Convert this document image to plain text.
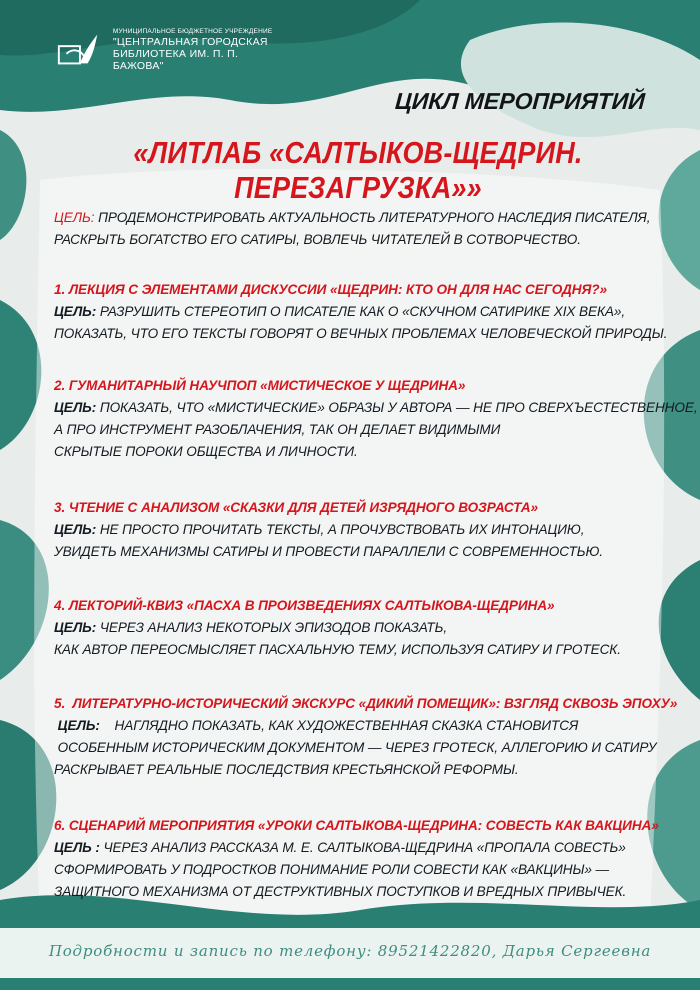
МУНИЦИПАЛЬНОЕ БЮДЖЕТНОЕ УЧРЕЖДЕНИЕ
"ЦЕНТРАЛЬНАЯ ГОРОДСКАЯ
БИБЛИОТЕКА ИМ. П. П. БАЖОВА"
ЦИКЛ МЕРОПРИЯТИЙ
«ЛИТЛАБ «САЛТЫКОВ-ЩЕДРИН. ПЕРЕЗАГРУЗКА»»

ЦЕЛЬ: ПРОДЕМОНСТРИРОВАТЬ АКТУАЛЬНОСТЬ ЛИТЕРАТУРНОГО НАСЛЕДИЯ ПИСАТЕЛЯ,

РАСКРЫТЬ БОГАТСТВО ЕГО САТИРЫ, ВОВЛЕЧЬ ЧИТАТЕЛЕЙ В СОТВОРЧЕСТВО.

1. ЛЕКЦИЯ С ЭЛЕМЕНТАМИ ДИСКУССИИ «ЩЕДРИН: КТО ОН ДЛЯ НАС СЕГОДНЯ?»

ЦЕЛЬ: РАЗРУШИТЬ СТЕРЕОТИП О ПИСАТЕЛЕ КАК О «СКУЧНОМ САТИРИКЕ XIX ВЕКА»,

ПОКАЗАТЬ, ЧТО ЕГО ТЕКСТЫ ГОВОРЯТ О ВЕЧНЫХ ПРОБЛЕМАХ ЧЕЛОВЕЧЕСКОЙ ПРИРОДЫ.

2. ГУМАНИТАРНЫЙ НАУЧПОП «МИСТИЧЕСКОЕ У ЩЕДРИНА»

ЦЕЛЬ: ПОКАЗАТЬ, ЧТО «МИСТИЧЕСКИЕ» ОБРАЗЫ У АВТОРА — НЕ ПРО СВЕРХЪЕСТЕСТВЕННОЕ,

А ПРО ИНСТРУМЕНТ РАЗОБЛАЧЕНИЯ, ТАК ОН ДЕЛАЕТ ВИДИМЫМИ

СКРЫТЫЕ ПОРОКИ ОБЩЕСТВА И ЛИЧНОСТИ.

3. ЧТЕНИЕ С АНАЛИЗОМ «СКАЗКИ ДЛЯ ДЕТЕЙ ИЗРЯДНОГО ВОЗРАСТА»

ЦЕЛЬ: НЕ ПРОСТО ПРОЧИТАТЬ ТЕКСТЫ, А ПРОЧУВСТВОВАТЬ ИХ ИНТОНАЦИЮ,

УВИДЕТЬ МЕХАНИЗМЫ САТИРЫ И ПРОВЕСТИ ПАРАЛЛЕЛИ С СОВРЕМЕННОСТЬЮ.

4. ЛЕКТОРИЙ-КВИЗ «ПАСХА В ПРОИЗВЕДЕНИЯХ САЛТЫКОВА-ЩЕДРИНА»

ЦЕЛЬ: ЧЕРЕЗ АНАЛИЗ НЕКОТОРЫХ ЭПИЗОДОВ ПОКАЗАТЬ,

КАК АВТОР ПЕРЕОСМЫСЛЯЕТ ПАСХАЛЬНУЮ ТЕМУ, ИСПОЛЬЗУЯ САТИРУ И ГРОТЕСК.

5.  ЛИТЕРАТУРНО-ИСТОРИЧЕСКИЙ ЭКСКУРС «ДИКИЙ ПОМЕЩИК»: ВЗГЛЯД СКВОЗЬ ЭПОХУ»

ЦЕЛЬ:    НАГЛЯДНО ПОКАЗАТЬ, КАК ХУДОЖЕСТВЕННАЯ СКАЗКА СТАНОВИТСЯ

ОСОБЕННЫМ ИСТОРИЧЕСКИМ ДОКУМЕНТОМ — ЧЕРЕЗ ГРОТЕСК, АЛЛЕГОРИЮ И САТИРУ

РАСКРЫВАЕТ РЕАЛЬНЫЕ ПОСЛЕДСТВИЯ КРЕСТЬЯНСКОЙ РЕФОРМЫ.

6. СЦЕНАРИЙ МЕРОПРИЯТИЯ «УРОКИ САЛТЫКОВА-ЩЕДРИНА: СОВЕСТЬ КАК ВАКЦИНА»

ЦЕЛЬ : ЧЕРЕЗ АНАЛИЗ РАССКАЗА М. Е. САЛТЫКОВА-ЩЕДРИНА «ПРОПАЛА СОВЕСТЬ»

СФОРМИРОВАТЬ У ПОДРОСТКОВ ПОНИМАНИЕ РОЛИ СОВЕСТИ КАК «ВАКЦИНЫ» —

ЗАЩИТНОГО МЕХАНИЗМА ОТ ДЕСТРУКТИВНЫХ ПОСТУПКОВ И ВРЕДНЫХ ПРИВЫЧЕК.

Подробности и запись по телефону: 89521422820, Дарья Сергеевна
